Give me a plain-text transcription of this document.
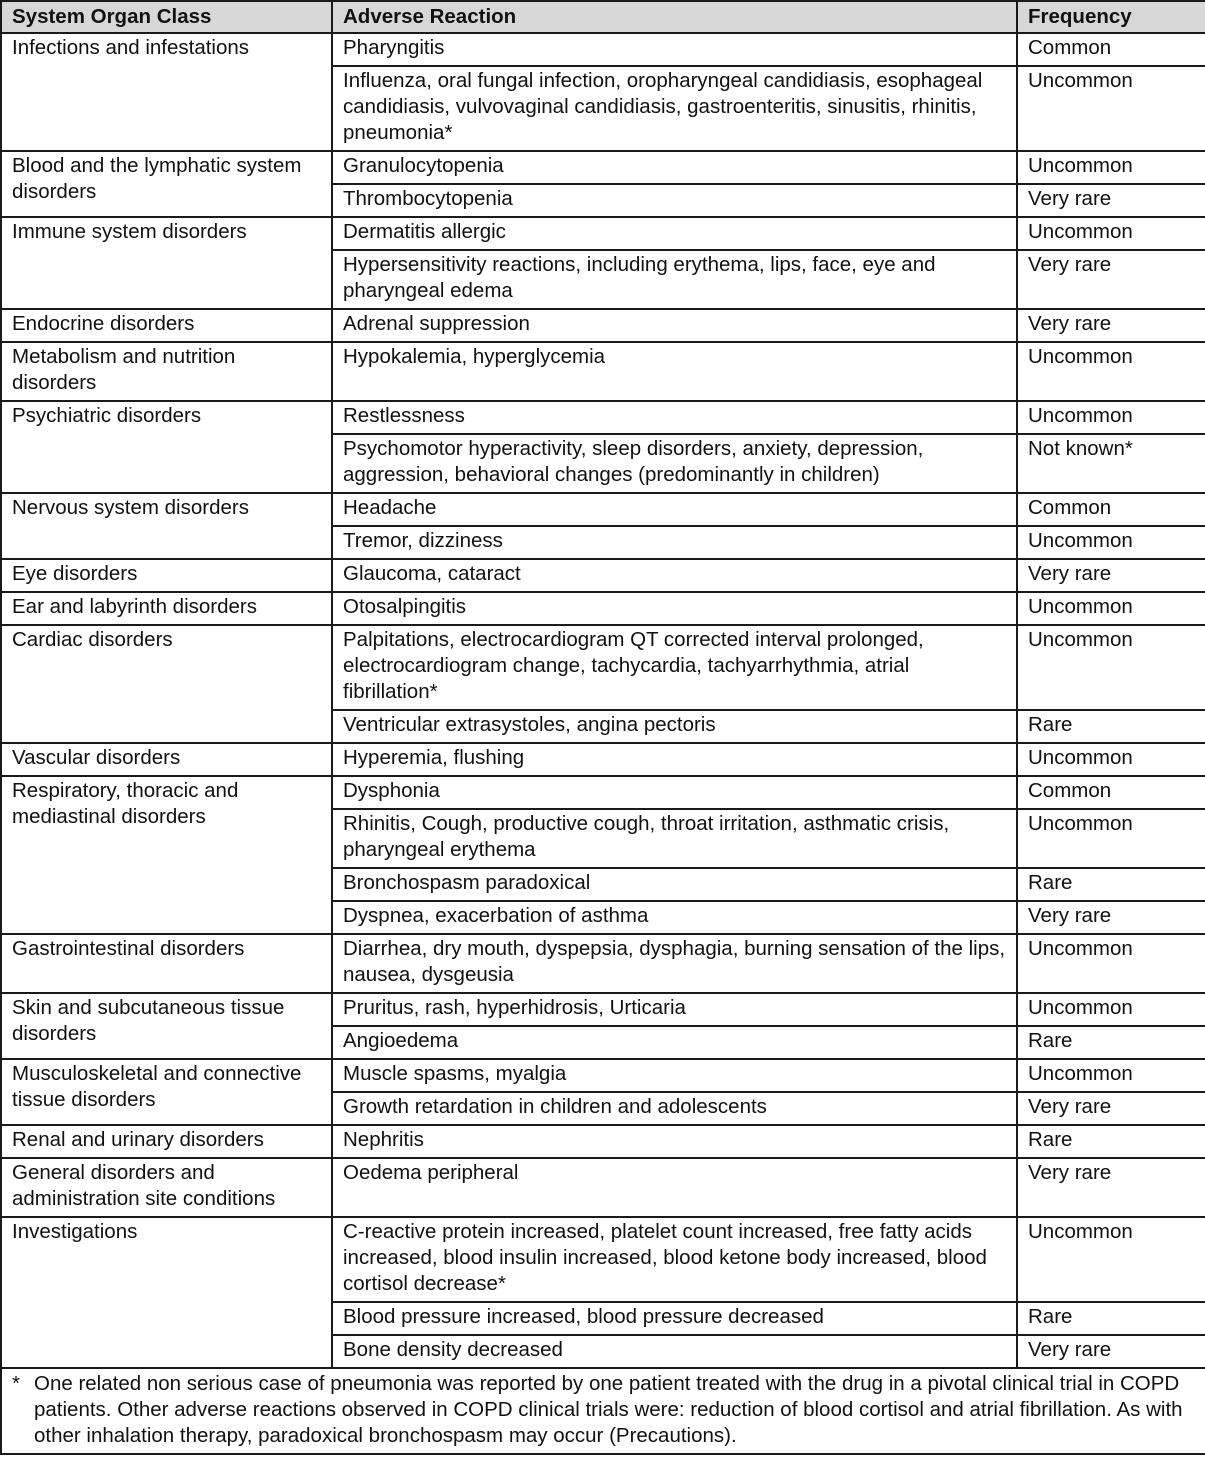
System Organ Class	Adverse Reaction	Frequency
Infections and infestations	Pharyngitis	Common
	Influenza, oral fungal infection, oropharyngeal candidiasis, esophageal candidiasis, vulvovaginal candidiasis, gastroenteritis, sinusitis, rhinitis, pneumonia*	Uncommon
Blood and the lymphatic system disorders	Granulocytopenia	Uncommon
	Thrombocytopenia	Very rare
Immune system disorders	Dermatitis allergic	Uncommon
	Hypersensitivity reactions, including erythema, lips, face, eye and pharyngeal edema	Very rare
Endocrine disorders	Adrenal suppression	Very rare
Metabolism and nutrition disorders	Hypokalemia, hyperglycemia	Uncommon
Psychiatric disorders	Restlessness	Uncommon
	Psychomotor hyperactivity, sleep disorders, anxiety, depression, aggression, behavioral changes (predominantly in children)	Not known*
Nervous system disorders	Headache	Common
	Tremor, dizziness	Uncommon
Eye disorders	Glaucoma, cataract	Very rare
Ear and labyrinth disorders	Otosalpingitis	Uncommon
Cardiac disorders	Palpitations, electrocardiogram QT corrected interval prolonged, electrocardiogram change, tachycardia, tachyarrhythmia, atrial fibrillation*	Uncommon
	Ventricular extrasystoles, angina pectoris	Rare
Vascular disorders	Hyperemia, flushing	Uncommon
Respiratory, thoracic and mediastinal disorders	Dysphonia	Common
	Rhinitis, Cough, productive cough, throat irritation, asthmatic crisis, pharyngeal erythema	Uncommon
	Bronchospasm paradoxical	Rare
	Dyspnea, exacerbation of asthma	Very rare
Gastrointestinal disorders	Diarrhea, dry mouth, dyspepsia, dysphagia, burning sensation of the lips, nausea, dysgeusia	Uncommon
Skin and subcutaneous tissue disorders	Pruritus, rash, hyperhidrosis, Urticaria	Uncommon
	Angioedema	Rare
Musculoskeletal and connective tissue disorders	Muscle spasms, myalgia	Uncommon
	Growth retardation in children and adolescents	Very rare
Renal and urinary disorders	Nephritis	Rare
General disorders and administration site conditions	Oedema peripheral	Very rare
Investigations	C-reactive protein increased, platelet count increased, free fatty acids increased, blood insulin increased, blood ketone body increased, blood cortisol decrease*	Uncommon
	Blood pressure increased, blood pressure decreased	Rare
	Bone density decreased	Very rare

* One related non serious case of pneumonia was reported by one patient treated with the drug in a pivotal clinical trial in COPD patients. Other adverse reactions observed in COPD clinical trials were: reduction of blood cortisol and atrial fibrillation. As with other inhalation therapy, paradoxical bronchospasm may occur (Precautions).		
